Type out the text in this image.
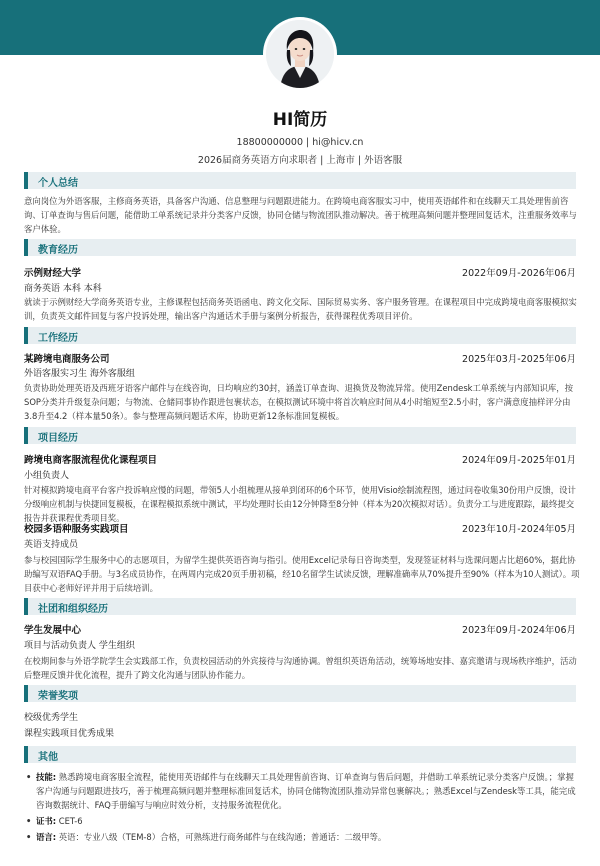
HI简历
18800000000 | hi@hicv.cn
2026届商务英语方向求职者 | 上海市 | 外语客服
个人总结
意向岗位为外语客服，主修商务英语，具备客户沟通、信息整理与问题跟进能力。在跨境电商客服实习中，使用英语邮件和在线聊天工具处理售前咨询、订单查询与售后问题，能借助工单系统记录并分类客户反馈，协同仓储与物流团队推动解决。善于梳理高频问题并整理回复话术，注重服务效率与客户体验。
教育经历
示例财经大学	2022年09月-2026年06月
商务英语 本科 本科
就读于示例财经大学商务英语专业，主修课程包括商务英语函电、跨文化交际、国际贸易实务、客户服务管理。在课程项目中完成跨境电商客服模拟实训，负责英文邮件回复与客户投诉处理，输出客户沟通话术手册与案例分析报告，获得课程优秀项目评价。
工作经历
某跨境电商服务公司	2025年03月-2025年06月
外语客服实习生 海外客服组
负责协助处理英语及西班牙语客户邮件与在线咨询，日均响应约30封，涵盖订单查询、退换货及物流异常。使用Zendesk工单系统与内部知识库，按SOP分类并升级复杂问题；与物流、仓储同事协作跟进包裹状态，在模拟测试环境中将首次响应时间从4小时缩短至2.5小时，客户满意度抽样评分由3.8升至4.2（样本量50条）。参与整理高频问题话术库，协助更新12条标准回复模板。
项目经历
跨境电商客服流程优化课程项目	2024年09月-2025年01月
小组负责人
针对模拟跨境电商平台客户投诉响应慢的问题，带领5人小组梳理从接单到闭环的6个环节，使用Visio绘制流程图，通过问卷收集30份用户反馈，设计分级响应机制与快捷回复模板，在课程模拟系统中测试，平均处理时长由12分钟降至8分钟（样本为20次模拟对话）。负责分工与进度跟踪，最终提交报告并获课程优秀项目奖。
校园多语种服务实践项目	2023年10月-2024年05月
英语支持成员
参与校园国际学生服务中心的志愿项目，为留学生提供英语咨询与指引。使用Excel记录每日咨询类型，发现签证材料与选课问题占比超60%，据此协助编写双语FAQ手册。与3名成员协作，在两周内完成20页手册初稿，经10名留学生试读反馈，理解准确率从70%提升至90%（样本为10人测试）。项目获中心老师好评并用于后续培训。
社团和组织经历
学生发展中心	2023年09月-2024年06月
项目与活动负责人 学生组织
在校期间参与外语学院学生会实践部工作，负责校园活动的外宾接待与沟通协调。曾组织英语角活动，统筹场地安排、嘉宾邀请与现场秩序维护，活动后整理反馈并优化流程，提升了跨文化沟通与团队协作能力。
荣誉奖项
校级优秀学生
课程实践项目优秀成果
其他
• 技能: 熟悉跨境电商客服全流程，能使用英语邮件与在线聊天工具处理售前咨询、订单查询与售后问题，并借助工单系统记录分类客户反馈。；掌握客户沟通与问题跟进技巧，善于梳理高频问题并整理标准回复话术，协同仓储物流团队推动异常包裹解决。；熟悉Excel与Zendesk等工具，能完成咨询数据统计、FAQ手册编写与响应时效分析，支持服务流程优化。
• 证书: CET-6
• 语言: 英语：专业八级（TEM-8）合格，可熟练进行商务邮件与在线沟通；普通话：二级甲等。
